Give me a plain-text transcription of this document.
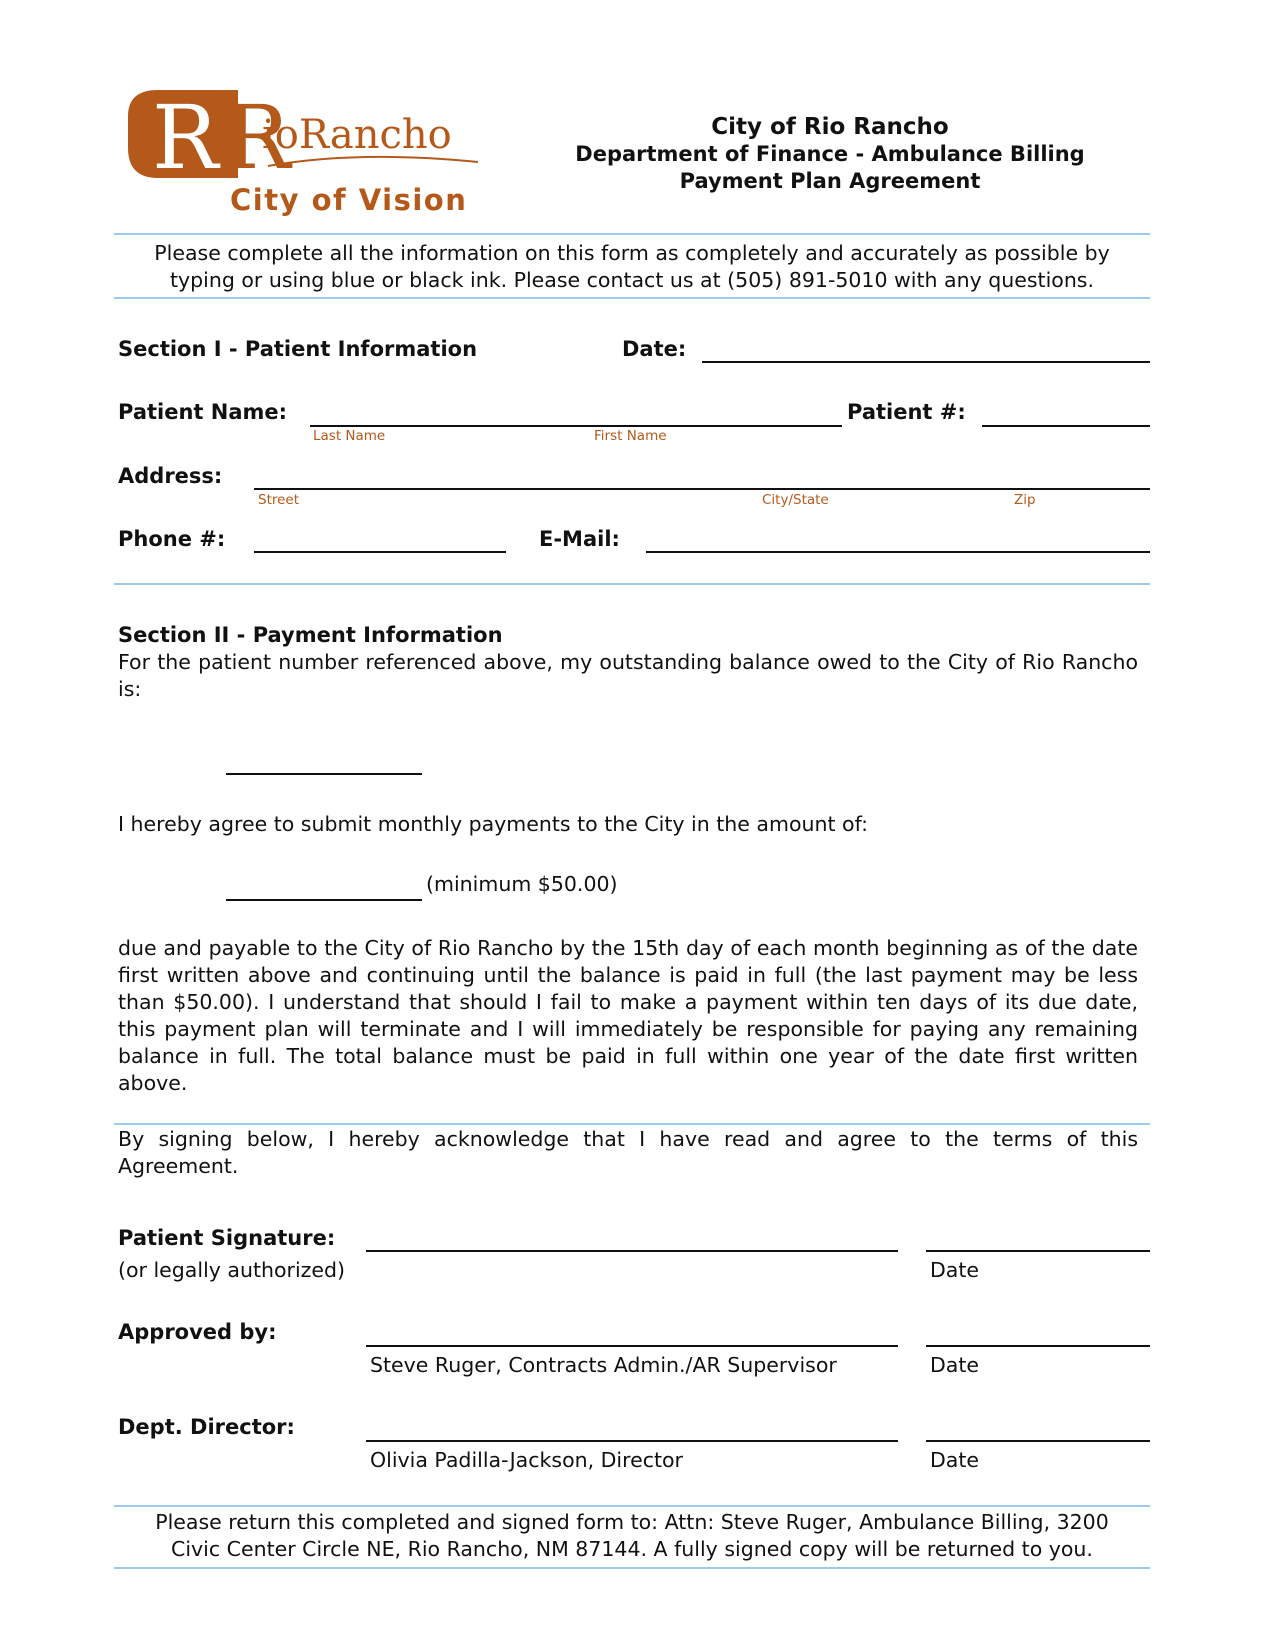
R R
City of Vision
ioRancho	City of Rio Rancho
Department of Finance - Ambulance Billing
Payment Plan Agreement
Please complete all the information on this form as completely and accurately as possible by
typing or using blue or black ink. Please contact us at (505) 891-5010 with any questions.
Section I - Patient Information	Date:
Patient Name:
Last Name	First Name
Patient #:
Address:
Street	City/State	Zip
Phone #:	E-Mail:
Section II - Payment Information
For the patient number referenced above, my outstanding balance owed to the City of Rio Rancho is:
I hereby agree to submit monthly payments to the City in the amount of:
(minimum $50.00)
due and payable to the City of Rio Rancho by the 15th day of each month beginning as of the date first written above and continuing until the balance is paid in full (the last payment may be less than $50.00). I understand that should I fail to make a payment within ten days of its due date, this payment plan will terminate and I will immediately be responsible for paying any remaining balance in full. The total balance must be paid in full within one year of the date first written above.
By signing below, I hereby acknowledge that I have read and agree to the terms of this Agreement.
Patient Signature:
(or legally authorized)	Date
Approved by:
Steve Ruger, Contracts Admin./AR Supervisor	Date
Dept. Director:
Olivia Padilla-Jackson, Director	Date
Please return this completed and signed form to: Attn: Steve Ruger, Ambulance Billing, 3200
Civic Center Circle NE, Rio Rancho, NM 87144. A fully signed copy will be returned to you.
